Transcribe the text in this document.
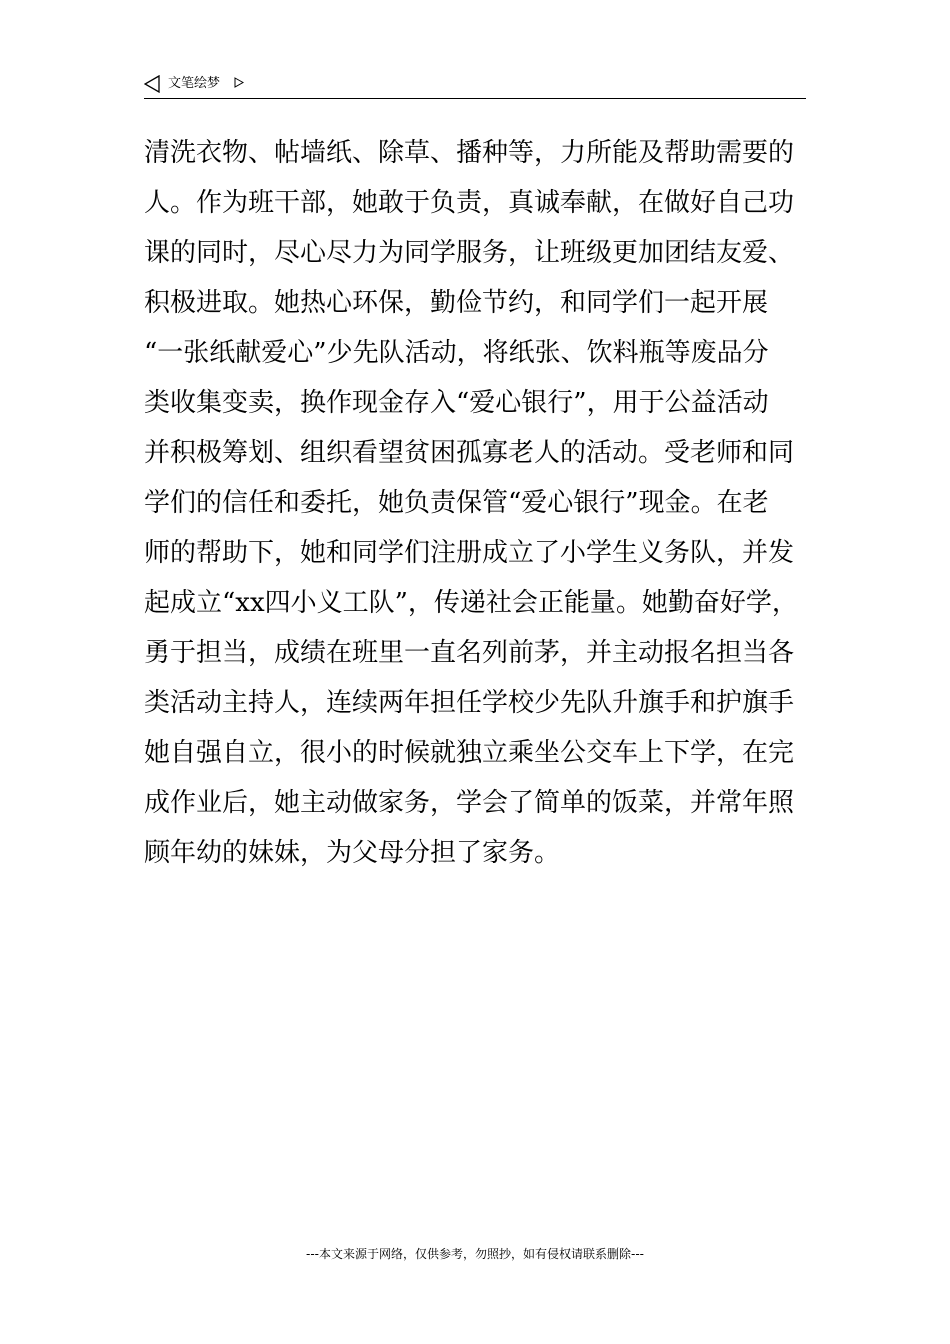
文笔绘梦
清洗衣物、帖墙纸、除草、播种等，力所能及帮助需要的
人。作为班干部，她敢于负责，真诚奉献，在做好自己功
课的同时，尽心尽力为同学服务，让班级更加团结友爱、
积极进取。她热心环保，勤俭节约，和同学们一起开展
“一张纸献爱心”少先队活动，将纸张、饮料瓶等废品分
类收集变卖，换作现金存入“爱心银行”，用于公益活动
并积极筹划、组织看望贫困孤寡老人的活动。受老师和同
学们的信任和委托，她负责保管“爱心银行”现金。在老
师的帮助下，她和同学们注册成立了小学生义务队，并发
起成立“xx四小义工队”，传递社会正能量。她勤奋好学，
勇于担当，成绩在班里一直名列前茅，并主动报名担当各
类活动主持人，连续两年担任学校少先队升旗手和护旗手
她自强自立，很小的时候就独立乘坐公交车上下学，在完
成作业后，她主动做家务，学会了简单的饭菜，并常年照
顾年幼的妹妹，为父母分担了家务。
---本文来源于网络，仅供参考，勿照抄，如有侵权请联系删除---
